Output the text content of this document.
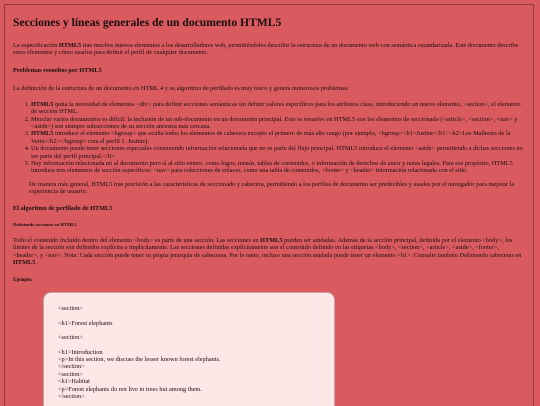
Secciones y líneas generales de un documento HTML5

La especificación HTML5 trae muchos nuevos elementos a los desarrolladores web, permitiéndoles describir la estructura de un documento web con semántica estandarizada. Este documento describe estos elementos y cómo usarlos para definir el perfil de cualquier documento.

Problemas resueltos por HTML5

La definición de la estructura de un documento en HTML 4 y su algoritmo de perfilado es muy tosco y genera numerosos problemas:

1. HTML5 quita la necesidad de elementos <div> para definir secciones semánticas sin definir valores específicos para los atributos class, introduciendo un nuevo elemento, <section>, el elemento de sección HTML.
2. Mezclar varios documentos es difícil: la inclusión de un sub-documento en un documento principal. Esto se resuelve en HTML5 con los elementos de seccionado (<article>, <section>, <nav> y <aside>) son siempre subsecciones de su sección ancestra más cercana.
3. HTML5 introduce el elemento <hgroup> que oculta todos los elementos de cabecera excepto el primero de más alto rango (por ejemplo, <hgroup><h1>Justine</h1><h2>Les Malheurs de la Vertu</h2></hgroup> crea el perfil 1. Justine).
4. Un documento puede tener secciones especiales conteniendo información relacionada que no es parte del flujo principal. HTML5 introduce el elemento <aside> permitiendo a dichas secciones no ser parte del perfil principal.</li>
5. Hay información relacionada no al documento pero sí al sitio entero, como logos, menús, tablas de contenidos, o información de derechos de autor y notas legales. Para ese propósito, HTML5 introduce tres elementos de sección específicos: <nav> para colecciones de enlaces, como una tabla de contenidos, <footer> y <header> información relacionada con el sitio.

De manera más general, HTML5 trae precisión a las características de seccionado y cabecera, permitiendo a los perfiles de documento ser predecibles y usados por el navegador para mejorar la experiencia de usuario.

El algoritmo de perfilado de HTML5
Definiendo secciones en HTML5

Todo el contenido incluido dentro del elemento <body> es parte de una sección. Las secciones en HTML5 pueden ser anidadas. Además de la sección principal, definida por el elemento <body>, los límites de la sección son definidos explícita o implícitamente. Las secciones definidas explícitamente son el contenido definido en las etiquetas <body>, <section>, <article>, <aside>, <footer>, <header>, y <nav>. Nota: Cada sección puede tener su propia jerarquía de cabeceras. Por lo tanto, incluso una sección anidada puede tener un elemento <h1>. Consulte también Definiendo cabeceras en HTML5 .

Ejemplo:
<section>
<h1>Forest elephants
<section>
<h1>Introduction
<p>In this section, we discuss the lesser known forest elephants.
</section>
<section>
<h1>Habitat
<p>Forest elephants do not live in trees but among them.
</section>
